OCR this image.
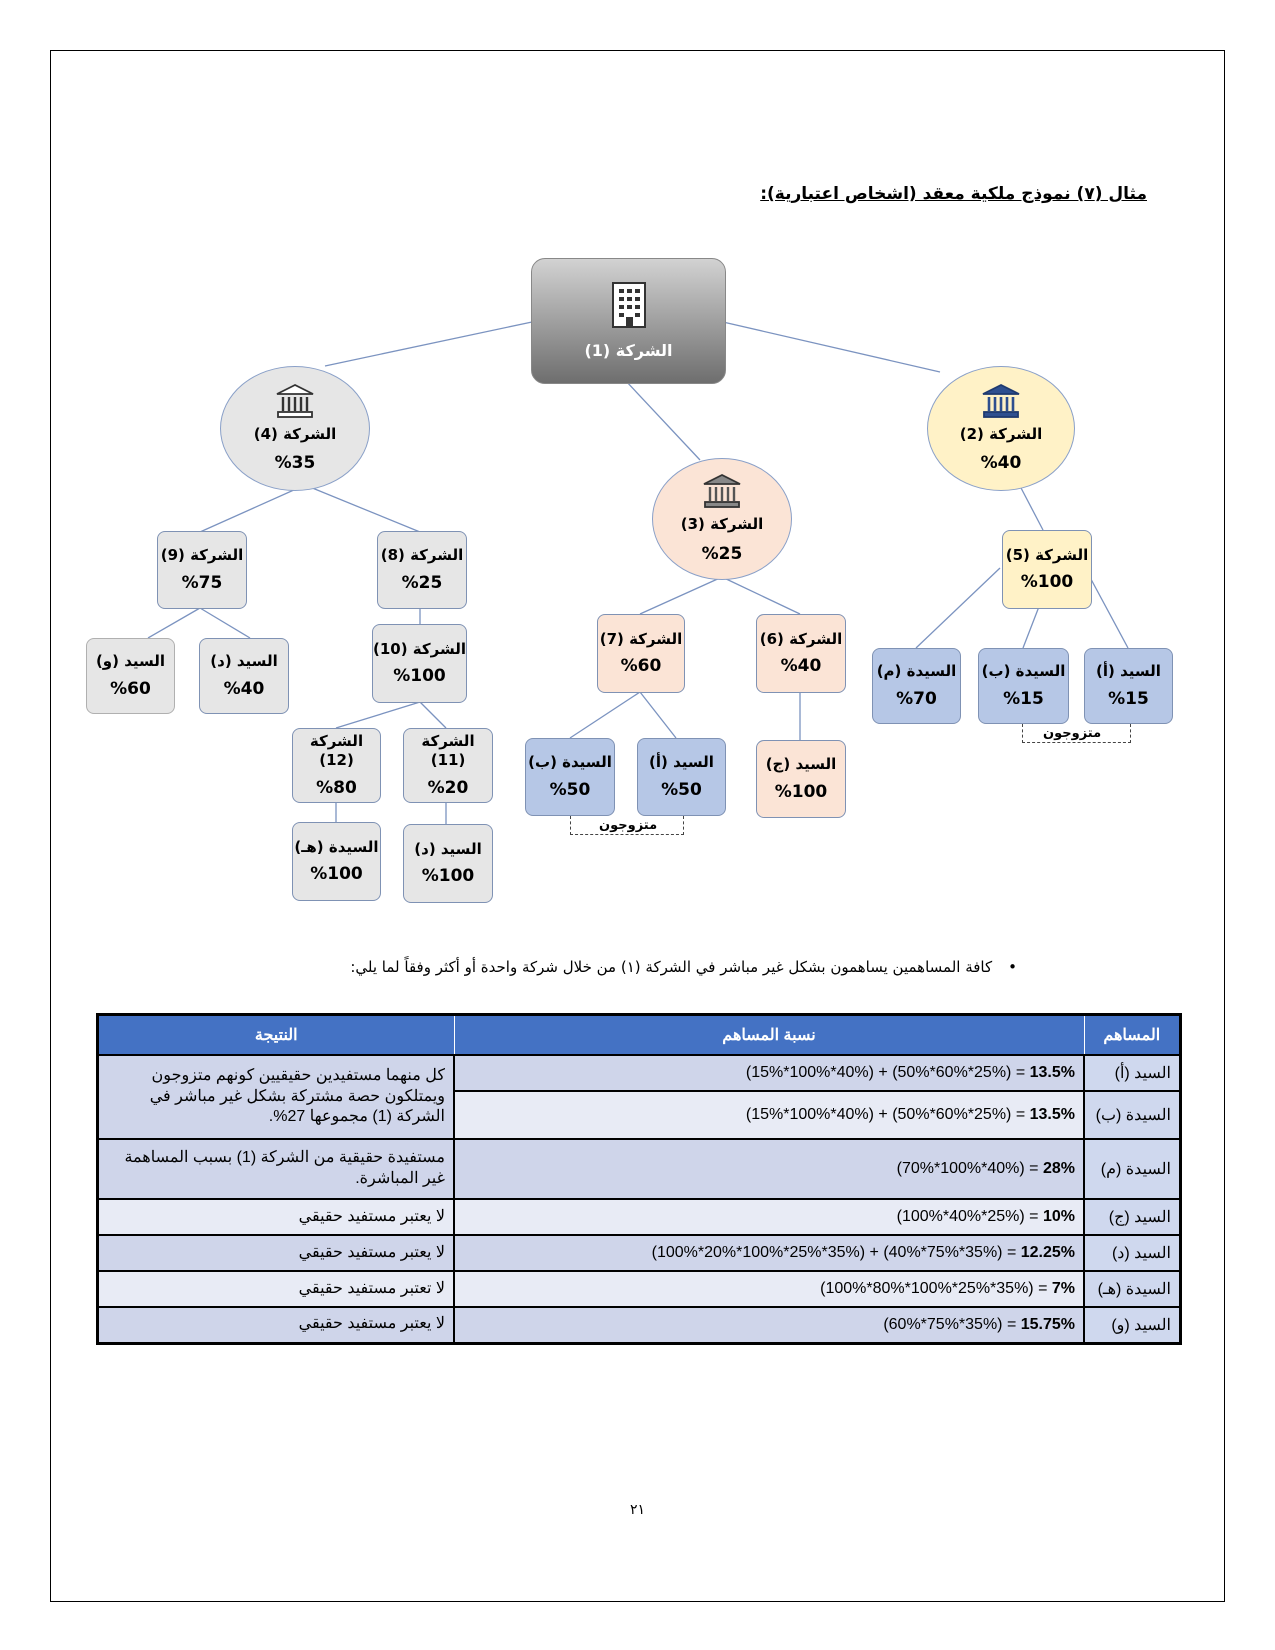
مثال (٧) نموذج ملكية معقد (اشخاص اعتبارية):
الشركة (1)
الشركة (4)
%35
الشركة (3)
%25
الشركة (2)
%40
الشركة (9)
%75
الشركة (8)
%25
السيد (و)
%60
السيد (د)
%40
الشركة (10)
%100
الشركة (12)
%80
الشركة (11)
%20
السيدة (هـ)
%100
السيد (د)
%100
الشركة (7)
%60
الشركة (6)
%40
السيدة (ب)
%50
السيد (أ)
%50
السيد (ج)
%100
متزوجون
الشركة (5)
%100
السيدة (م)
%70
السيدة (ب)
%15
السيد (أ)
%15
متزوجون
•كافة المساهمين يساهمون بشكل غير مباشر في الشركة (١) من خلال شركة واحدة أو أكثر وفقاً لما يلي:
المساهم	نسبة المساهم	النتيجة
السيد (أ)	(15%*100%*40%) + (50%*60%*25%) = 13.5%	كل منهما مستفيدين حقيقيين كونهم متزوجون ويمتلكون حصة مشتركة بشكل غير مباشر في الشركة (1) مجموعها 27%.
السيدة (ب)	(15%*100%*40%) + (50%*60%*25%) = 13.5%	
السيدة (م)	(70%*100%*40%) = 28%	مستفيدة حقيقية من الشركة (1) بسبب المساهمة غير المباشرة.
السيد (ج)	(100%*40%*25%) = 10%	لا يعتبر مستفيد حقيقي
السيد (د)	(100%*20%*100%*25%*35%) + (40%*75%*35%) = 12.25%	لا يعتبر مستفيد حقيقي
السيدة (هـ)	(100%*80%*100%*25%*35%) = 7%	لا تعتبر مستفيد حقيقي
السيد (و)	(60%*75%*35%) = 15.75%	لا يعتبر مستفيد حقيقي
٢١
